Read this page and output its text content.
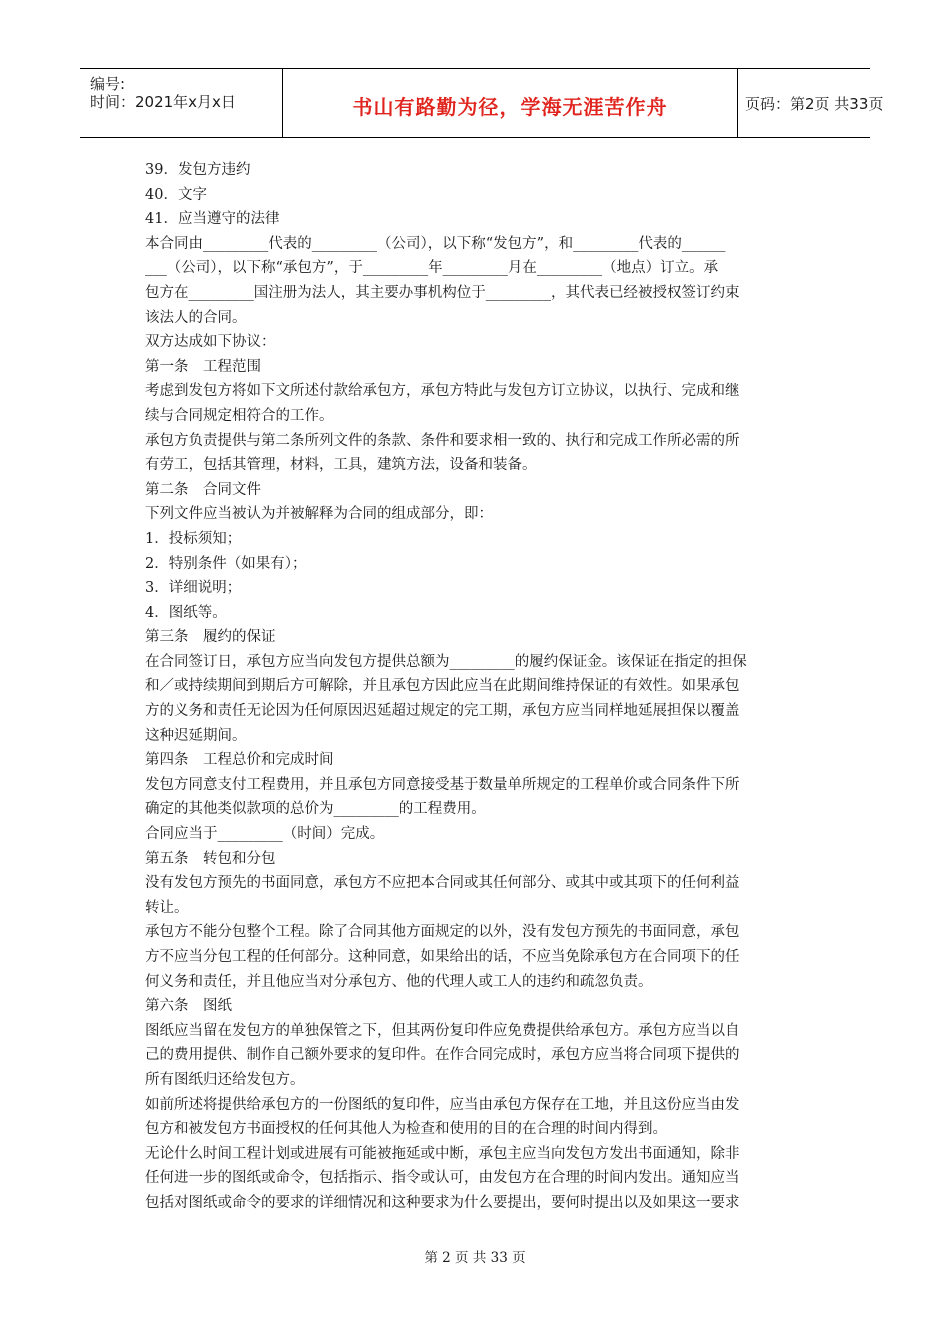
编号:
时间：2021年x月x日	书山有路勤为径，学海无涯苦作舟	页码：第2页 共33页
39．发包方违约
40．文字
41．应当遵守的法律
本合同由_________代表的_________（公司），以下称“发包方”，和_________代表的______
___（公司），以下称“承包方”，于_________年_________月在_________（地点）订立。承
包方在_________国注册为法人，其主要办事机构位于_________，其代表已经被授权签订约束
该法人的合同。
双方达成如下协议：
第一条　工程范围
考虑到发包方将如下文所述付款给承包方，承包方特此与发包方订立协议，以执行、完成和继
续与合同规定相符合的工作。
承包方负责提供与第二条所列文件的条款、条件和要求相一致的、执行和完成工作所必需的所
有劳工，包括其管理，材料，工具，建筑方法，设备和装备。
第二条　合同文件
下列文件应当被认为并被解释为合同的组成部分，即：
1．投标须知；
2．特别条件（如果有）；
3．详细说明；
4．图纸等。
第三条　履约的保证
在合同签订日，承包方应当向发包方提供总额为_________的履约保证金。该保证在指定的担保
和／或持续期间到期后方可解除，并且承包方因此应当在此期间维持保证的有效性。如果承包
方的义务和责任无论因为任何原因迟延超过规定的完工期，承包方应当同样地延展担保以覆盖
这种迟延期间。
第四条　工程总价和完成时间
发包方同意支付工程费用，并且承包方同意接受基于数量单所规定的工程单价或合同条件下所
确定的其他类似款项的总价为_________的工程费用。
合同应当于_________（时间）完成。
第五条　转包和分包
没有发包方预先的书面同意，承包方不应把本合同或其任何部分、或其中或其项下的任何利益
转让。
承包方不能分包整个工程。除了合同其他方面规定的以外，没有发包方预先的书面同意，承包
方不应当分包工程的任何部分。这种同意，如果给出的话，不应当免除承包方在合同项下的任
何义务和责任，并且他应当对分承包方、他的代理人或工人的违约和疏忽负责。
第六条　图纸
图纸应当留在发包方的单独保管之下，但其两份复印件应免费提供给承包方。承包方应当以自
己的费用提供、制作自己额外要求的复印件。在作合同完成时，承包方应当将合同项下提供的
所有图纸归还给发包方。
如前所述将提供给承包方的一份图纸的复印件，应当由承包方保存在工地，并且这份应当由发
包方和被发包方书面授权的任何其他人为检查和使用的目的在合理的时间内得到。
无论什么时间工程计划或进展有可能被拖延或中断，承包主应当向发包方发出书面通知，除非
任何进一步的图纸或命令，包括指示、指令或认可，由发包方在合理的时间内发出。通知应当
包括对图纸或命令的要求的详细情况和这种要求为什么要提出，要何时提出以及如果这一要求
第 2 页 共 33 页
